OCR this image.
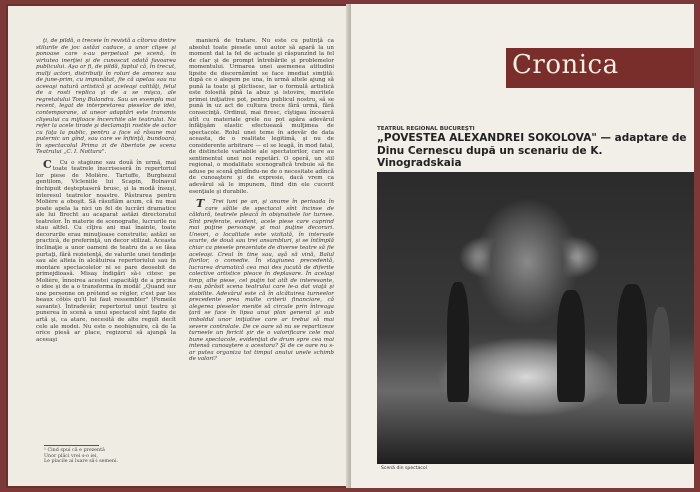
ţi, de pildă, o treceie în revistă a cîtorva dintre stilurile de joc astăzi caduce, a unor clişee şi ponoase care s-au perpetuat pe scenă, în virtutea inerţiei şi de cunoscut odată favoarea publicului. Aşa ar fi, de pildă, faptul că, în trecut, mulţi actori, distribuiţi în roluri de amorez sau de june-prim, cu impunătat, fie că apelau sau nu aceeaşi natură artistică şi aceleaşi calităţi, felul de a rosti replica şi de a se mişca, ale regretatului Tony Bulandra. Sau un exemplu mai recent, legat de interpretarea pieselor de idei, contemporane, al uneor adaptări este transmis clişeului cu mijloace încerchite ale teatrului. Nu refer la acele tirade şi declamaţii rostite de actor cu faţa la public, pentru a face să răsune mai puternic un gînd, sau care se înfiinţă, bundoará, în spectacolul Prima zi de libertate pe scena Teatrului „C. I. Nottara".

C Cu o stagiune sau două în urmă, mai toate teatrele înscriseseră în repertoriul lor piese de Molière. Tartuffe, Burghezul gentilom, Vicleniile lui Scapin, Bolnavul închipuit deşteptaseră brusc, şi la modă însuşi, interesul teatrelor noastre. Păstrarea pentru Molière a oboşit. Să răsuflăm acum, că nu mai poate apela la nici un fel de lucrări dramatice ale lui Brecht au acaparat astăzi directoratul teatrelor. În materie de scenografie, lucrurile nu stau altfel. Cu cîţiva ani mai înainte, toate decorurile erau minuţioase construite; astăzi se practică, de preferinţă, un decor stilizat. Aceasta înclinaţie a unor oameni de teatru de a se lăsa purtaţi, fără rezistenţă, de valurile unei tendinţe sau ale alteia în alcătuirea repertoriului sau în montare spectacolelor ni se pare deosebit de primejdioasă. Misaş îndigări să-i citesc pe Molière, înnoirea acestei capacităţi de a pricina o idee şi de a o transforma în modă! „Quand sur une personne on prétend se régler, c'est par les beaux côtés qu'il lui faut ressembler" (Femeile savante). Întradevăr, repertoriul unui teatru şi punerea în scenă a unui spectacol sînt fapte de artă şi, ca atare, necesită de alte reguli decît cele ale modei. Nu este o neobişnuire, că de la orice piesă ar place, regizorul să ajungă la aceeaşi

¹ Cind spui că e prezentă
Unor plăci vrei s-o iei,
Le placile ai luare să-i semeni.

manieră de tratare. Nu este cu putinţă ca absolut toate piesele unui autor să apară la un moment dat la fel de actuale şi răspunzînd la fel de clar şi de prompt întrebările şi problemelor momentului. Urmarea unei asemenea atitudini lipsite de discernămînt se face imediat simţită: după ce o alegem pe una, în urmă altele ajung să pună la toate şi plictisesc, iar o formulă artistică este folosită pînă la abuz şi istovire, meritele primei iniţiative pot, pentru publicul nostru, să se pună în uz act de cultura trece fără urmă, fără consecinţă. Ordinul, mai firesc, cîştigau încearcă atît cu materiale grele nu pot apăra adevărul înfăţişăm elastic efectuează mulţimea de spectacole. Rolul unei teme în adevăr de data aceasta, de o realitate legitimă, şi nu de considerente arbitrare — el se leagă, în mod fatal, de distinctele variabile ale spectatorilor, care au sentimentul unei noi repetări. O operă, un stil regional, o modalitate scenografică trebuie să fie aduse pe scenă ghidîndu-ne de o necesitate adîncă de cunoaştere şi de expresie, dacă vrem ca adevărul să le impunem, fiind din ele cucerit esenţiale şi durabile.

T Trei luni pe an, şi anume în perioada în care sălile de spectacol sînt încinse de căldură, teatrele pleacă în obişnuitele lor turnee. Sînt preferate, evident, acele piese care cuprind mai puţine personaje şi mai puţine decoruri. Uneori, o localitate este vizitată, în intervale scurte, de două sau trei ansambluri, şi se întîmplă chiar ca piesele prezentate de diverse teatre să fie aceleaşi. Creul în tine sau, aşă să vină, Balul florilor, o comedie. În stagiunea precedentă, lucrarea dramatică cea mai des jucată de diferite colective artistice pleace în deplasare. În acelaşi timp, alte piese, cel puţin tot atît de interesante, n-au părăsit scena teatrului care le-a dat viaţă şi stabilite. Adevărul este că în alcătuirea turneelor precedente prea multe criterii financiare, că alegerea pieselor menite să circule prin întreaga ţară se face în lipsa unui plan general şi sub imboldul unor iniţiative care ar trebui să mai severe controlate. De ce oare să nu se repartizeze turneele un fericit şir de o valorificare cele mai bune spectacole, evidenţiat de drum spre cea mai intensă cunoaştere a acestora? Şi de ce oare nu s-ar putea organiza tot timpul anului unele schimb de valori?

Cronica
TEATRUL REGIONAL BUCUREŞTI
„POVESTEA ALEXANDREI SOKOLOVA" — adaptare de Dinu Cernescu după un scenariu de K. Vinogradskaia
Scenă din spectacol
